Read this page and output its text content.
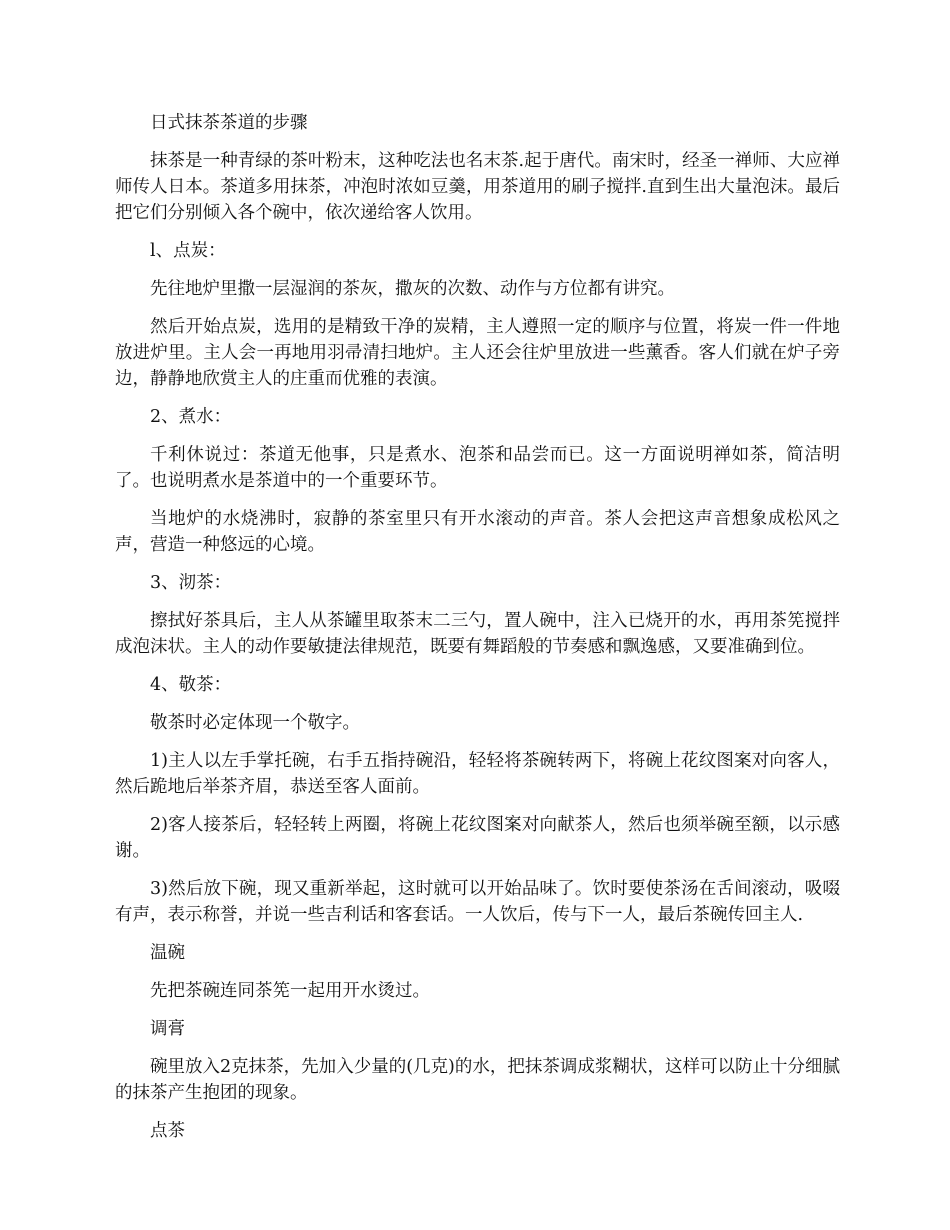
日式抹茶茶道的步骤

抹茶是一种青绿的茶叶粉末，这种吃法也名末茶.起于唐代。南宋时，经圣一禅师、大应禅师传人日本。茶道多用抹茶，冲泡时浓如豆羹，用茶道用的刷子搅拌.直到生出大量泡沫。最后把它们分别倾入各个碗中，依次递给客人饮用。

l、点炭：

先往地炉里撒一层湿润的茶灰，撒灰的次数、动作与方位都有讲究。

然后开始点炭，选用的是精致干净的炭精，主人遵照一定的顺序与位置，将炭一件一件地放进炉里。主人会一再地用羽帚清扫地炉。主人还会往炉里放进一些薰香。客人们就在炉子旁边，静静地欣赏主人的庄重而优雅的表演。

2、煮水：

千利休说过：茶道无他事，只是煮水、泡茶和品尝而已。这一方面说明禅如茶，简洁明了。也说明煮水是茶道中的一个重要环节。

当地炉的水烧沸时，寂静的茶室里只有开水滚动的声音。茶人会把这声音想象成松风之声，营造一种悠远的心境。

3、沏茶：

擦拭好茶具后，主人从茶罐里取茶末二三勺，置人碗中，注入已烧开的水，再用茶筅搅拌成泡沫状。主人的动作要敏捷法律规范，既要有舞蹈般的节奏感和飘逸感，又要准确到位。

4、敬茶：

敬茶时必定体现一个敬字。

1)主人以左手掌托碗，右手五指持碗沿，轻轻将茶碗转两下，将碗上花纹图案对向客人，然后跪地后举茶齐眉，恭送至客人面前。

2)客人接茶后，轻轻转上两圈，将碗上花纹图案对向献茶人，然后也须举碗至额，以示感谢。

3)然后放下碗，现又重新举起，这时就可以开始品味了。饮时要使茶汤在舌间滚动，吸啜有声，表示称誉，并说一些吉利话和客套话。一人饮后，传与下一人，最后茶碗传回主人.

温碗

先把茶碗连同茶筅一起用开水烫过。

调膏

碗里放入2克抹茶，先加入少量的(几克)的水，把抹茶调成浆糊状，这样可以防止十分细腻的抹茶产生抱团的现象。

点茶
